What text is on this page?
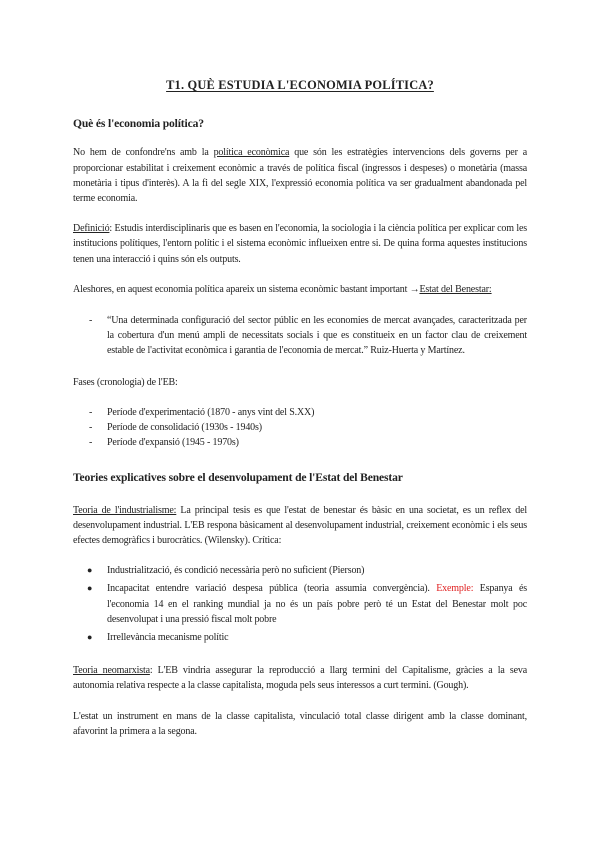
T1. QUÈ ESTUDIA L'ECONOMIA POLÍTICA?
Què és l'economia política?

No hem de confondre'ns amb la política econòmica que són les estratègies intervencions dels governs per a proporcionar estabilitat i creixement econòmic a través de política fiscal (ingressos i despeses) o monetària (massa monetària i tipus d'interès). A la fi del segle XIX, l'expressió economia política va ser gradualment abandonada pel terme economia.

Definició: Estudis interdisciplinaris que es basen en l'economia, la sociologia i la ciència política per explicar com les institucions polítiques, l'entorn polític i el sistema econòmic influeixen entre si. De quina forma aquestes institucions tenen una interacció i quins són els outputs.

Aleshores, en aquest economia política apareix un sistema econòmic bastant important →Estat del Benestar:

- “Una determinada configuració del sector públic en les economies de mercat avançades, caracteritzada per la cobertura d'un menú ampli de necessitats socials i que es constitueix en un factor clau de creixement estable de l'activitat econòmica i garantia de l'economia de mercat.” Ruiz-Huerta y Martínez.

Fases (cronologia) de l'EB:

- Període d'experimentació (1870 - anys vint del S.XX)
- Període de consolidació (1930s - 1940s)
- Període d'expansió (1945 - 1970s)
Teories explicatives sobre el desenvolupament de l'Estat del Benestar

Teoria de l'industrialisme: La principal tesis es que l'estat de benestar és bàsic en una societat, es un reflex del desenvolupament industrial. L'EB respona bàsicament al desenvolupament industrial, creixement econòmic i els seus efectes demogràfics i burocràtics. (Wilensky). Crítica:

● Industrialització, és condició necessària però no suficient (Pierson)
● Incapacitat entendre variació despesa pública (teoria assumia convergència). Exemple: Espanya és l'economia 14 en el ranking mundial ja no és un país pobre però té un Estat del Benestar molt poc desenvolupat i una pressió fiscal molt pobre
● Irrellevància mecanisme polític

Teoria neomarxista: L'EB vindria assegurar la reproducció a llarg termini del Capitalisme, gràcies a la seva autonomia relativa respecte a la classe capitalista, moguda pels seus interessos a curt termini. (Gough).

L'estat un instrument en mans de la classe capitalista, vinculació total classe dirigent amb la classe dominant, afavorint la primera a la segona.
